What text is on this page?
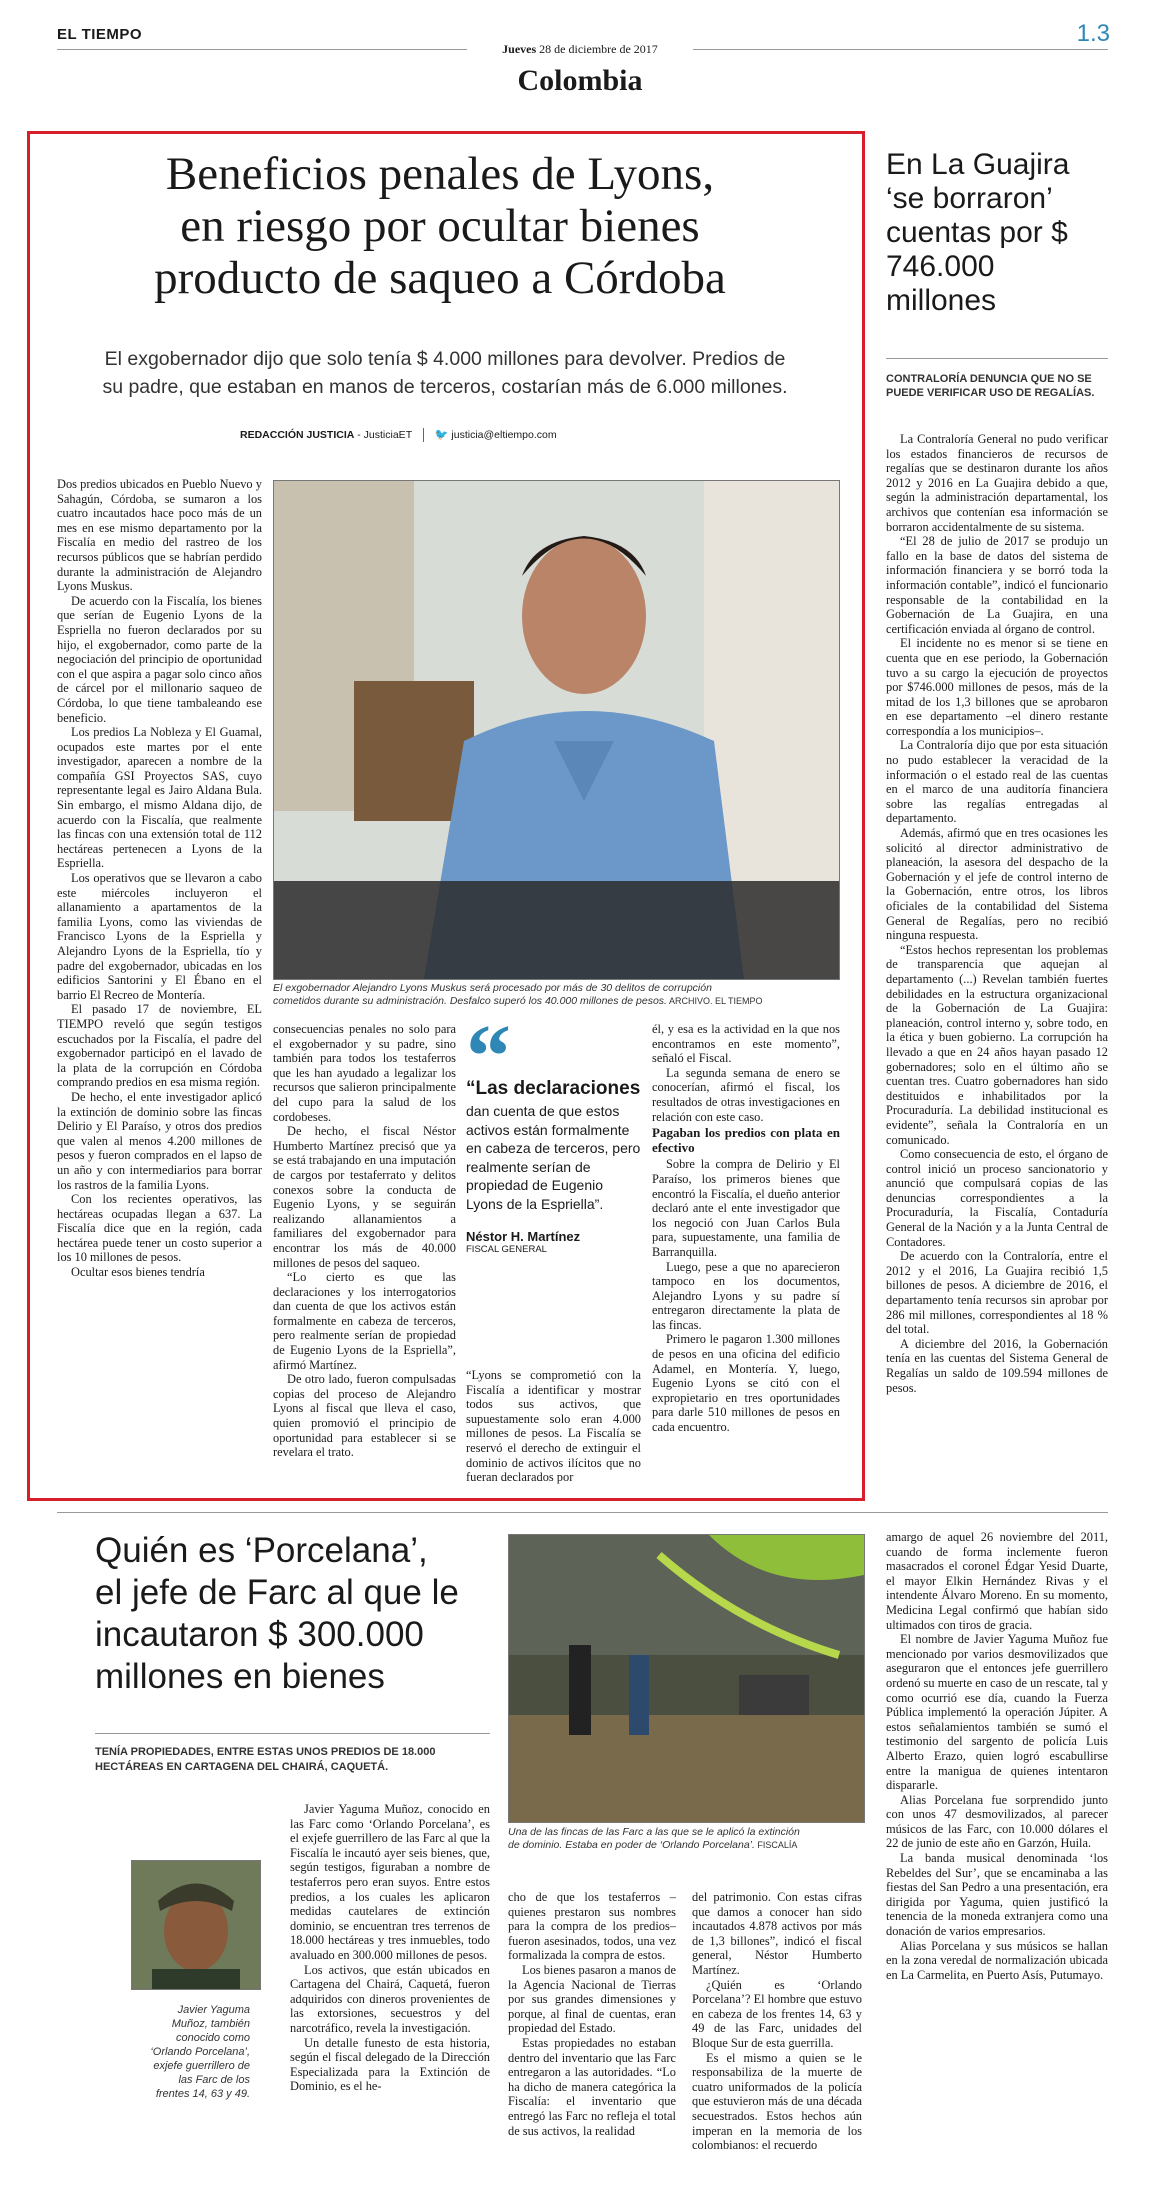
EL TIEMPO
Jueves 28 de diciembre de 2017
Colombia
1.3
Beneficios penales de Lyons,
en riesgo por ocultar bienes
producto de saqueo a Córdoba
El exgobernador dijo que solo tenía $ 4.000 millones para devolver. Predios de
su padre, que estaban en manos de terceros, costarían más de 6.000 millones.
REDACCIÓN JUSTICIA - JusticiaET 🐦 justicia@eltiempo.com
El exgobernador Alejandro Lyons Muskus será procesado por más de 30 delitos de corrupción
cometidos durante su administración. Desfalco superó los 40.000 millones de pesos. ARCHIVO. EL TIEMPO

Dos predios ubicados en Pueblo Nuevo y Sahagún, Córdoba, se sumaron a los cuatro incautados hace poco más de un mes en ese mismo departamento por la Fiscalía en medio del rastreo de los recursos públicos que se habrían perdido durante la administración de Alejandro Lyons Muskus.

De acuerdo con la Fiscalía, los bienes que serían de Eugenio Lyons de la Espriella no fueron declarados por su hijo, el exgobernador, como parte de la negociación del principio de oportunidad con el que aspira a pagar solo cinco años de cárcel por el millonario saqueo de Córdoba, lo que tiene tambaleando ese beneficio.

Los predios La Nobleza y El Guamal, ocupados este martes por el ente investigador, aparecen a nombre de la compañía GSI Proyectos SAS, cuyo representante legal es Jairo Aldana Bula. Sin embargo, el mismo Aldana dijo, de acuerdo con la Fiscalía, que realmente las fincas con una extensión total de 112 hectáreas pertenecen a Lyons de la Espriella.

Los operativos que se llevaron a cabo este miércoles incluyeron el allanamiento a apartamentos de la familia Lyons, como las viviendas de Francisco Lyons de la Espriella y Alejandro Lyons de la Espriella, tío y padre del exgobernador, ubicadas en los edificios Santorini y El Ébano en el barrio El Recreo de Montería.

El pasado 17 de noviembre, EL TIEMPO reveló que según testigos escuchados por la Fiscalía, el padre del exgobernador participó en el lavado de la plata de la corrupción en Córdoba comprando predios en esa misma región.

De hecho, el ente investigador aplicó la extinción de dominio sobre las fincas Delirio y El Paraíso, y otros dos predios que valen al menos 4.200 millones de pesos y fueron comprados en el lapso de un año y con intermediarios para borrar los rastros de la familia Lyons.

Con los recientes operativos, las hectáreas ocupadas llegan a 637. La Fiscalía dice que en la región, cada hectárea puede tener un costo superior a los 10 millones de pesos.

Ocultar esos bienes tendría

consecuencias penales no solo para el exgobernador y su padre, sino también para todos los testaferros que les han ayudado a legalizar los recursos que salieron principalmente del cupo para la salud de los cordobeses.

De hecho, el fiscal Néstor Humberto Martínez precisó que ya se está trabajando en una imputación de cargos por testaferrato y delitos conexos sobre la conducta de Eugenio Lyons, y se seguirán realizando allanamientos a familiares del exgobernador para encontrar los más de 40.000 millones de pesos del saqueo.

“Lo cierto es que las declaraciones y los interrogatorios dan cuenta de que los activos están formalmente en cabeza de terceros, pero realmente serían de propiedad de Eugenio Lyons de la Espriella”, afirmó Martínez.

De otro lado, fueron compulsadas copias del proceso de Alejandro Lyons al fiscal que lleva el caso, quien promovió el principio de oportunidad para establecer si se revelara el trato.

“
“Las declaraciones
dan cuenta de que estos activos están formalmente en cabeza de terceros, pero realmente serían de propiedad de Eugenio Lyons de la Espriella”.
Néstor H. Martínez
FISCAL GENERAL

“Lyons se comprometió con la Fiscalía a identificar y mostrar todos sus activos, que supuestamente solo eran 4.000 millones de pesos. La Fiscalía se reservó el derecho de extinguir el dominio de activos ilícitos que no fueran declarados por

él, y esa es la actividad en la que nos encontramos en este momento”, señaló el Fiscal.

La segunda semana de enero se conocerían, afirmó el fiscal, los resultados de otras investigaciones en relación con este caso.

Pagaban los predios con plata en efectivo

Sobre la compra de Delirio y El Paraíso, los primeros bienes que encontró la Fiscalía, el dueño anterior declaró ante el ente investigador que los negoció con Juan Carlos Bula para, supuestamente, una familia de Barranquilla.

Luego, pese a que no aparecieron tampoco en los documentos, Alejandro Lyons y su padre sí entregaron directamente la plata de las fincas.

Primero le pagaron 1.300 millones de pesos en una oficina del edificio Adamel, en Montería. Y, luego, Eugenio Lyons se citó con el expropietario en tres oportunidades para darle 510 millones de pesos en cada encuentro.

En La Guajira ‘se borraron’ cuentas por $ 746.000 millones
CONTRALORÍA DENUNCIA QUE NO SE PUEDE VERIFICAR USO DE REGALÍAS.

La Contraloría General no pudo verificar los estados financieros de recursos de regalías que se destinaron durante los años 2012 y 2016 en La Guajira debido a que, según la administración departamental, los archivos que contenían esa información se borraron accidentalmente de su sistema.

“El 28 de julio de 2017 se produjo un fallo en la base de datos del sistema de información financiera y se borró toda la información contable”, indicó el funcionario responsable de la contabilidad en la Gobernación de La Guajira, en una certificación enviada al órgano de control.

El incidente no es menor si se tiene en cuenta que en ese periodo, la Gobernación tuvo a su cargo la ejecución de proyectos por $746.000 millones de pesos, más de la mitad de los 1,3 billones que se aprobaron en ese departamento –el dinero restante correspondía a los municipios–.

La Contraloría dijo que por esta situación no pudo establecer la veracidad de la información o el estado real de las cuentas en el marco de una auditoría financiera sobre las regalías entregadas al departamento.

Además, afirmó que en tres ocasiones les solicitó al director administrativo de planeación, la asesora del despacho de la Gobernación y el jefe de control interno de la Gobernación, entre otros, los libros oficiales de la contabilidad del Sistema General de Regalías, pero no recibió ninguna respuesta.

“Estos hechos representan los problemas de transparencia que aquejan al departamento (...) Revelan también fuertes debilidades en la estructura organizacional de la Gobernación de La Guajira: planeación, control interno y, sobre todo, en la ética y buen gobierno. La corrupción ha llevado a que en 24 años hayan pasado 12 gobernadores; solo en el último año se cuentan tres. Cuatro gobernadores han sido destituidos e inhabilitados por la Procuraduría. La debilidad institucional es evidente”, señala la Contraloría en un comunicado.

Como consecuencia de esto, el órgano de control inició un proceso sancionatorio y anunció que compulsará copias de las denuncias correspondientes a la Procuraduría, la Fiscalía, Contaduría General de la Nación y a la Junta Central de Contadores.

De acuerdo con la Contraloría, entre el 2012 y el 2016, La Guajira recibió 1,5 billones de pesos. A diciembre de 2016, el departamento tenía recursos sin aprobar por 286 mil millones, correspondientes al 18 % del total.

A diciembre del 2016, la Gobernación tenía en las cuentas del Sistema General de Regalías un saldo de 109.594 millones de pesos.

Quién es ‘Porcelana’,
el jefe de Farc al que le
incautaron $ 300.000
millones en bienes
TENÍA PROPIEDADES, ENTRE ESTAS UNOS PREDIOS DE 18.000
HECTÁREAS EN CARTAGENA DEL CHAIRÁ, CAQUETÁ.
Una de las fincas de las Farc a las que se le aplicó la extinción
de dominio. Estaba en poder de ‘Orlando Porcelana’. FISCALÍA
Javier Yaguma Muñoz, también conocido como ‘Orlando Porcelana’, exjefe guerrillero de las Farc de los frentes 14, 63 y 49.

Javier Yaguma Muñoz, conocido en las Farc como ‘Orlando Porcelana’, es el exjefe guerrillero de las Farc al que la Fiscalía le incautó ayer seis bienes, que, según testigos, figuraban a nombre de testaferros pero eran suyos. Entre estos predios, a los cuales les aplicaron medidas cautelares de extinción dominio, se encuentran tres terrenos de 18.000 hectáreas y tres inmuebles, todo avaluado en 300.000 millones de pesos.

Los activos, que están ubicados en Cartagena del Chairá, Caquetá, fueron adquiridos con dineros provenientes de las extorsiones, secuestros y del narcotráfico, revela la investigación.

Un detalle funesto de esta historia, según el fiscal delegado de la Dirección Especializada para la Extinción de Dominio, es el he-

cho de que los testaferros –quienes prestaron sus nombres para la compra de los predios– fueron asesinados, todos, una vez formalizada la compra de estos.

Los bienes pasaron a manos de la Agencia Nacional de Tierras por sus grandes dimensiones y porque, al final de cuentas, eran propiedad del Estado.

Estas propiedades no estaban dentro del inventario que las Farc entregaron a las autoridades. “Lo ha dicho de manera categórica la Fiscalía: el inventario que entregó las Farc no refleja el total de sus activos, la realidad

del patrimonio. Con estas cifras que damos a conocer han sido incautados 4.878 activos por más de 1,3 billones”, indicó el fiscal general, Néstor Humberto Martínez.

¿Quién es ‘Orlando Porcelana’? El hombre que estuvo en cabeza de los frentes 14, 63 y 49 de las Farc, unidades del Bloque Sur de esta guerrilla.

Es el mismo a quien se le responsabiliza de la muerte de cuatro uniformados de la policía que estuvieron más de una década secuestrados. Estos hechos aún imperan en la memoria de los colombianos: el recuerdo

amargo de aquel 26 noviembre del 2011, cuando de forma inclemente fueron masacrados el coronel Édgar Yesid Duarte, el mayor Elkin Hernández Rivas y el intendente Álvaro Moreno. En su momento, Medicina Legal confirmó que habían sido ultimados con tiros de gracia.

El nombre de Javier Yaguma Muñoz fue mencionado por varios desmovilizados que aseguraron que el entonces jefe guerrillero ordenó su muerte en caso de un rescate, tal y como ocurrió ese día, cuando la Fuerza Pública implementó la operación Júpiter. A estos señalamientos también se sumó el testimonio del sargento de policía Luis Alberto Erazo, quien logró escabullirse entre la manigua de quienes intentaron dispararle.

Alias Porcelana fue sorprendido junto con unos 47 desmovilizados, al parecer músicos de las Farc, con 10.000 dólares el 22 de junio de este año en Garzón, Huila.

La banda musical denominada ‘los Rebeldes del Sur’, que se encaminaba a las fiestas del San Pedro a una presentación, era dirigida por Yaguma, quien justificó la tenencia de la moneda extranjera como una donación de varios empresarios.

Alias Porcelana y sus músicos se hallan en la zona veredal de normalización ubicada en La Carmelita, en Puerto Asís, Putumayo.
